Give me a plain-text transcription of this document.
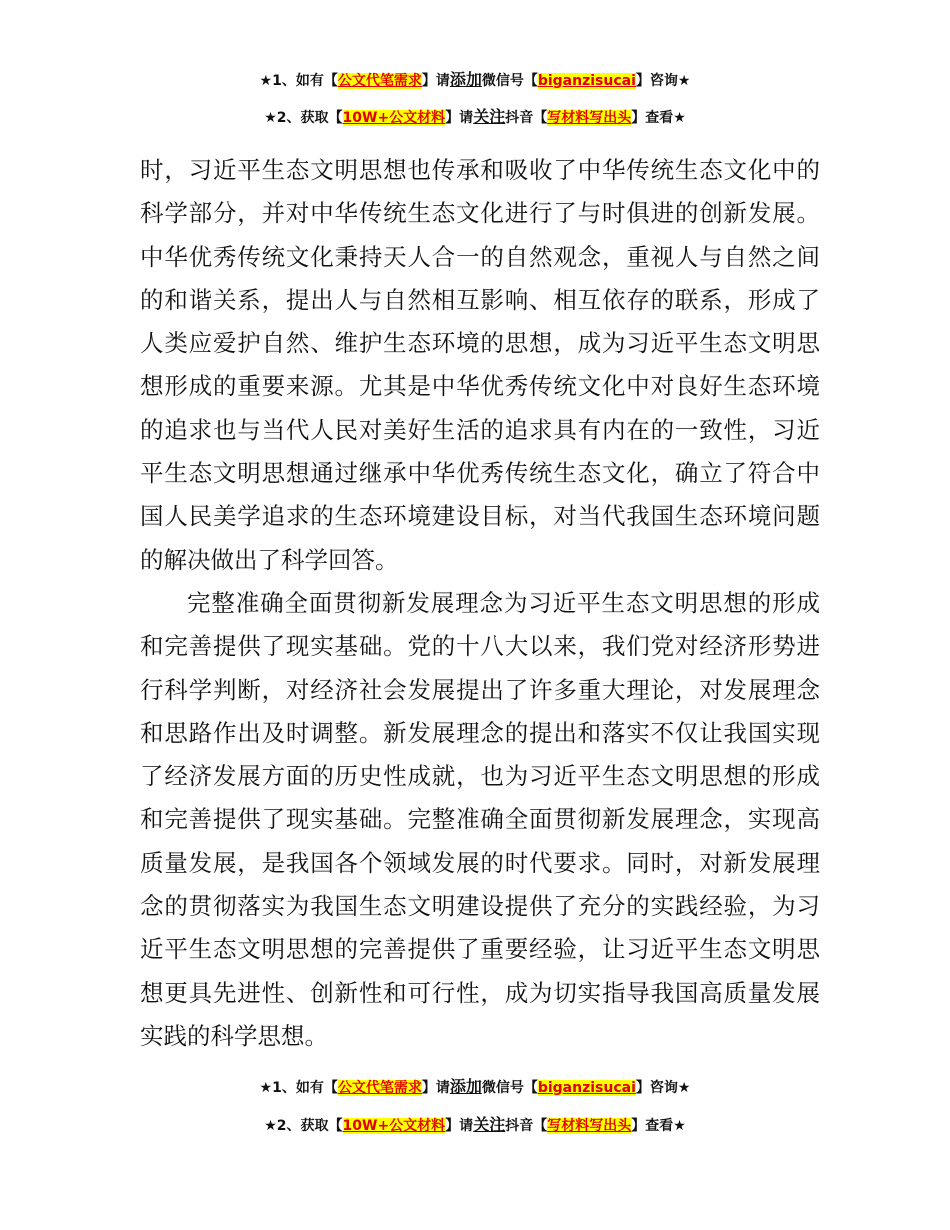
★1、如有【公文代笔需求】请添加微信号【biganzisucai】咨询★
★2、获取【10W+公文材料】请关注抖音【写材料写出头】查看★

时，习近平生态文明思想也传承和吸收了中华传统生态文化中的科学部分，并对中华传统生态文化进行了与时俱进的创新发展。中华优秀传统文化秉持天人合一的自然观念，重视人与自然之间的和谐关系，提出人与自然相互影响、相互依存的联系，形成了人类应爱护自然、维护生态环境的思想，成为习近平生态文明思想形成的重要来源。尤其是中华优秀传统文化中对良好生态环境的追求也与当代人民对美好生活的追求具有内在的一致性，习近平生态文明思想通过继承中华优秀传统生态文化，确立了符合中国人民美学追求的生态环境建设目标，对当代我国生态环境问题的解决做出了科学回答。

完整准确全面贯彻新发展理念为习近平生态文明思想的形成和完善提供了现实基础。党的十八大以来，我们党对经济形势进行科学判断，对经济社会发展提出了许多重大理论，对发展理念和思路作出及时调整。新发展理念的提出和落实不仅让我国实现了经济发展方面的历史性成就，也为习近平生态文明思想的形成和完善提供了现实基础。完整准确全面贯彻新发展理念，实现高质量发展，是我国各个领域发展的时代要求。同时，对新发展理念的贯彻落实为我国生态文明建设提供了充分的实践经验，为习近平生态文明思想的完善提供了重要经验，让习近平生态文明思想更具先进性、创新性和可行性，成为切实指导我国高质量发展实践的科学思想。

★1、如有【公文代笔需求】请添加微信号【biganzisucai】咨询★
★2、获取【10W+公文材料】请关注抖音【写材料写出头】查看★
